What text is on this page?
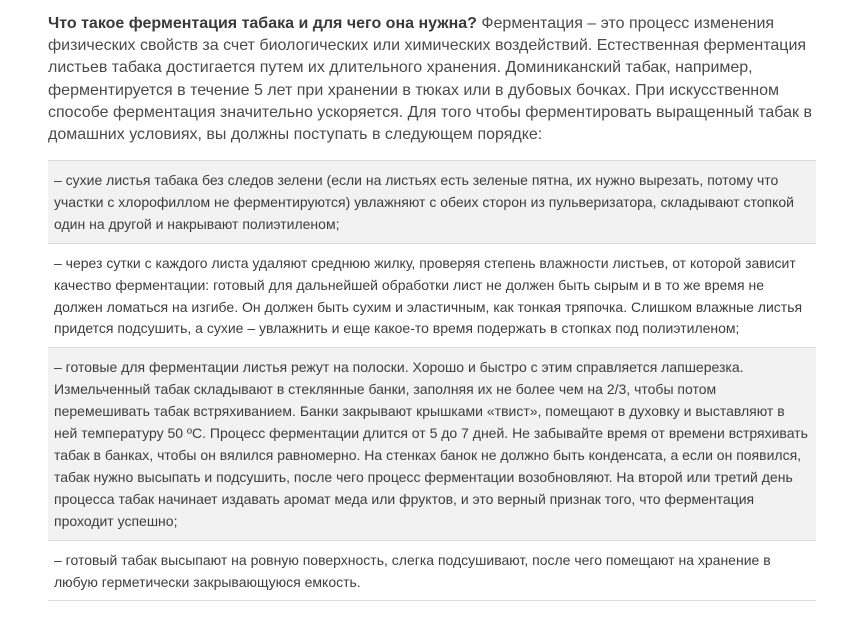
Что такое ферментация табака и для чего она нужна? Ферментация – это процесс изменения физических свойств за счет биологических или химических воздействий. Естественная ферментация листьев табака достигается путем их длительного хранения. Доминиканский табак, например, ферментируется в течение 5 лет при хранении в тюках или в дубовых бочках. При искусственном способе ферментация значительно ускоряется. Для того чтобы ферментировать выращенный табак в домашних условиях, вы должны поступать в следующем порядке:

– сухие листья табака без следов зелени (если на листьях есть зеленые пятна, их нужно вырезать, потому что участки с хлорофиллом не ферментируются) увлажняют с обеих сторон из пульверизатора, складывают стопкой один на другой и накрывают полиэтиленом;
– через сутки с каждого листа удаляют среднюю жилку, проверяя степень влажности листьев, от которой зависит качество ферментации: готовый для дальнейшей обработки лист не должен быть сырым и в то же время не должен ломаться на изгибе. Он должен быть сухим и эластичным, как тонкая тряпочка. Слишком влажные листья придется подсушить, а сухие – увлажнить и еще какое-то время подержать в стопках под полиэтиленом;
– готовые для ферментации листья режут на полоски. Хорошо и быстро с этим справляется лапшерезка. Измельченный табак складывают в стеклянные банки, заполняя их не более чем на 2/3, чтобы потом перемешивать табак встряхиванием. Банки закрывают крышками «твист», помещают в духовку и выставляют в ней температуру 50 ºС. Процесс ферментации длится от 5 до 7 дней. Не забывайте время от времени встряхивать табак в банках, чтобы он вялился равномерно. На стенках банок не должно быть конденсата, а если он появился, табак нужно высыпать и подсушить, после чего процесс ферментации возобновляют. На второй или третий день процесса табак начинает издавать аромат меда или фруктов, и это верный признак того, что ферментация проходит успешно;
– готовый табак высыпают на ровную поверхность, слегка подсушивают, после чего помещают на хранение в любую герметически закрывающуюся емкость.
